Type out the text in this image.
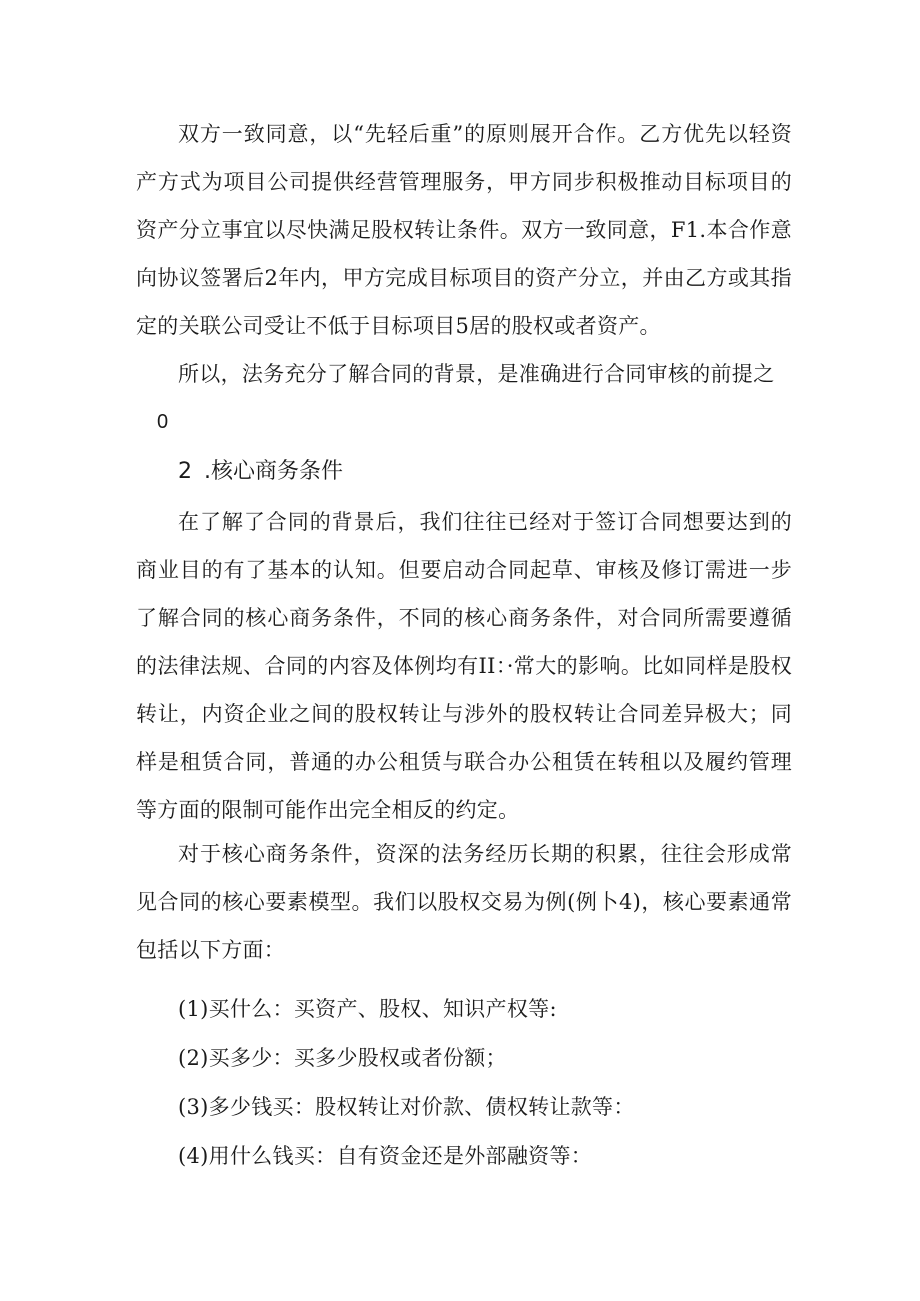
双方一致同意，以“先轻后重”的原则展开合作。乙方优先以轻资产方式为项目公司提供经营管理服务，甲方同步积极推动目标项目的资产分立事宜以尽快满足股权转让条件。双方一致同意，F1.本合作意向协议签署后2年内，甲方完成目标项目的资产分立，并由乙方或其指定的关联公司受让不低于目标项目5居的股权或者资产。

所以，法务充分了解合同的背景，是准确进行合同审核的前提之

0
2 .核心商务条件

在了解了合同的背景后，我们往往已经对于签订合同想要达到的商业目的有了基本的认知。但要启动合同起草、审核及修订需进一步了解合同的核心商务条件，不同的核心商务条件，对合同所需要遵循的法律法规、合同的内容及体例均有II：·常大的影响。比如同样是股权转让，内资企业之间的股权转让与涉外的股权转让合同差异极大；同样是租赁合同，普通的办公租赁与联合办公租赁在转租以及履约管理等方面的限制可能作出完全相反的约定。

对于核心商务条件，资深的法务经历长期的积累，往往会形成常见合同的核心要素模型。我们以股权交易为例(例卜4)，核心要素通常包括以下方面：

(1)买什么：买资产、股权、知识产权等:
(2)买多少：买多少股权或者份额；
(3)多少钱买：股权转让对价款、债权转让款等：
(4)用什么钱买：自有资金还是外部融资等：
